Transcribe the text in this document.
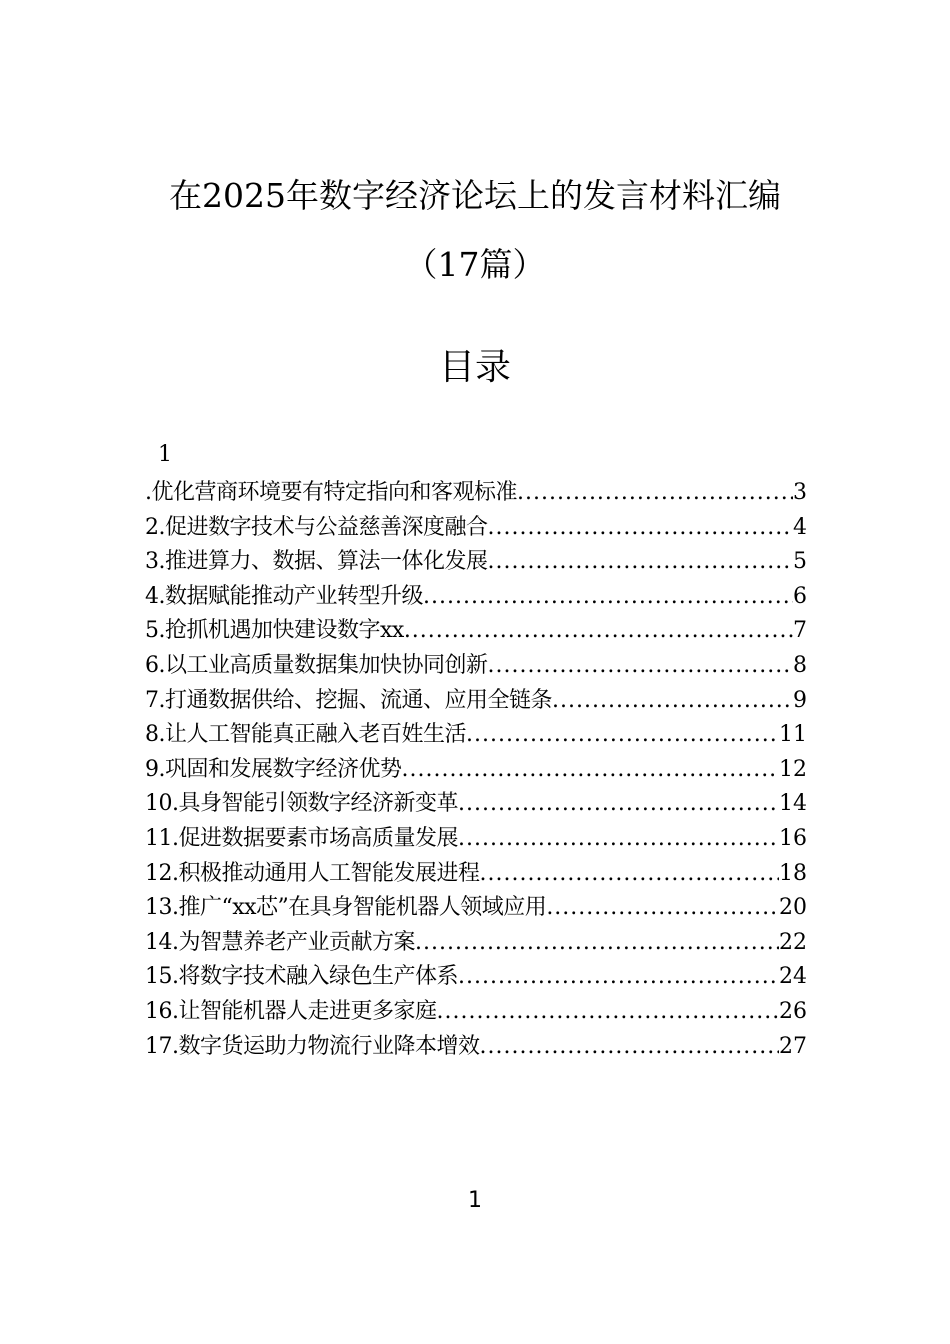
在2025年数字经济论坛上的发言材料汇编
（17篇）
目录
1
.优化营商环境要有特定指向和客观标准 .....	3
2.促进数字技术与公益慈善深度融合 .....	4
3.推进算力、数据、算法一体化发展 .....	5
4.数据赋能推动产业转型升级 .....	6
5.抢抓机遇加快建设数字xx .....	7
6.以工业高质量数据集加快协同创新 .....	8
7.打通数据供给、挖掘、流通、应用全链条 .....	9
8.让人工智能真正融入老百姓生活 .....	11
9.巩固和发展数字经济优势 .....	12
10.具身智能引领数字经济新变革 .....	14
11.促进数据要素市场高质量发展 .....	16
12.积极推动通用人工智能发展进程 .....	18
13.推广“xx芯”在具身智能机器人领域应用 .....	20
14.为智慧养老产业贡献方案 .....	22
15.将数字技术融入绿色生产体系 .....	24
16.让智能机器人走进更多家庭 .....	26
17.数字货运助力物流行业降本增效 .....	27
1
